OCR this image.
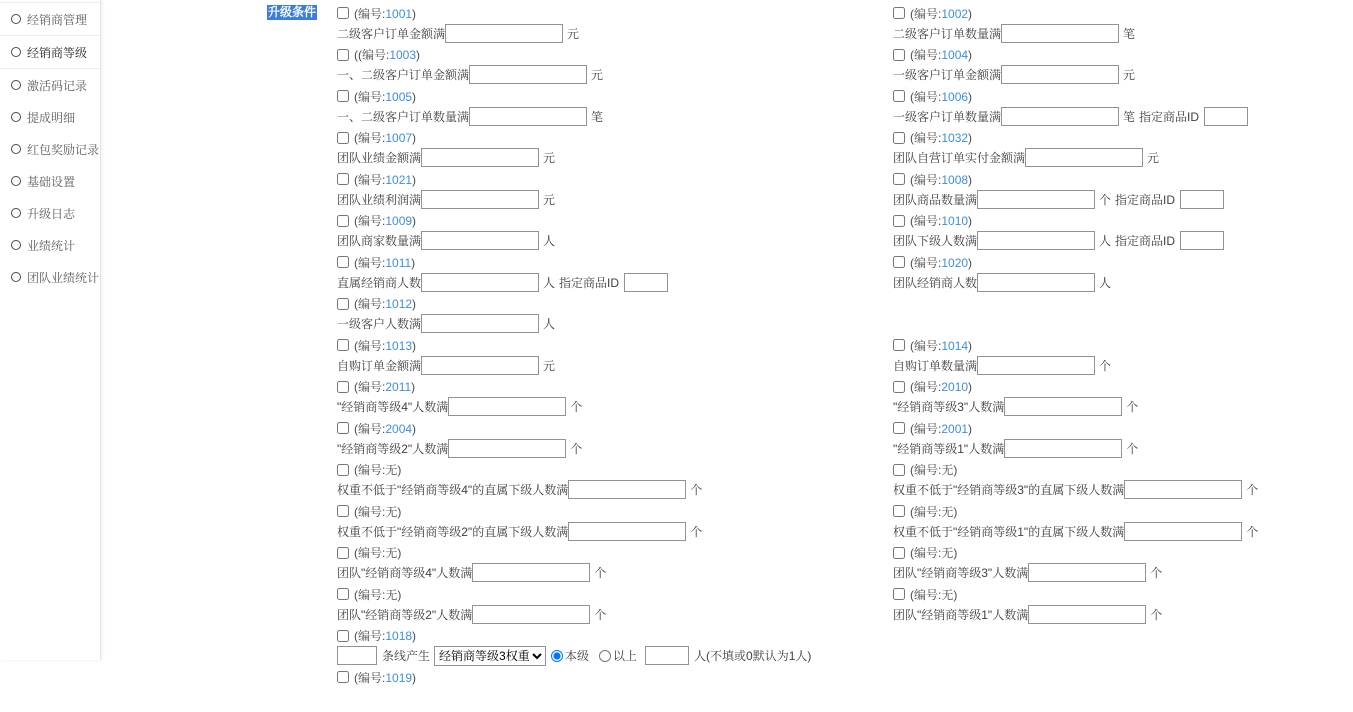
经销商管理
经销商等级
激活码记录
提成明细
红包奖励记录
基础设置
升级日志
业绩统计
团队业绩统计
升级条件	(编号:1001)
二级客户订单金额满	元
(编号:1002)
二级客户订单数量满	笔
((编号:1003)
一、二级客户订单金额满	元
(编号:1004)
一级客户订单金额满	元
(编号:1005)
一、二级客户订单数量满	笔
(编号:1006)
一级客户订单数量满	笔 指定商品ID
(编号:1007)
团队业绩金额满	元
(编号:1032)
团队自营订单实付金额满	元
(编号:1021)
团队业绩利润满	元
(编号:1008)
团队商品数量满	个 指定商品ID
(编号:1009)
团队商家数量满	人
(编号:1010)
团队下级人数满	人 指定商品ID
(编号:1011)
直属经销商人数	人 指定商品ID
(编号:1020)
团队经销商人数	人
(编号:1012)
一级客户人数满	人
(编号:1013)
自购订单金额满	元
(编号:1014)
自购订单数量满	个
(编号:2011)
"经销商等级4"人数满	个
(编号:2010)
"经销商等级3"人数满	个
(编号:2004)
"经销商等级2"人数满	个
(编号:2001)
"经销商等级1"人数满	个
(编号:无)
权重不低于"经销商等级4"的直属下级人数满	个
(编号:无)
权重不低于"经销商等级3"的直属下级人数满	个
(编号:无)
权重不低于"经销商等级2"的直属下级人数满	个
(编号:无)
权重不低于"经销商等级1"的直属下级人数满	个
(编号:无)
团队"经销商等级4"人数满	个
(编号:无)
团队"经销商等级3"人数满	个
(编号:无)
团队"经销商等级2"人数满	个
(编号:无)
团队"经销商等级1"人数满	个
(编号:1018)
条线产生
经销商等级3权重4	本级 以上	人(不填或0默认为1人)
(编号:1019)
